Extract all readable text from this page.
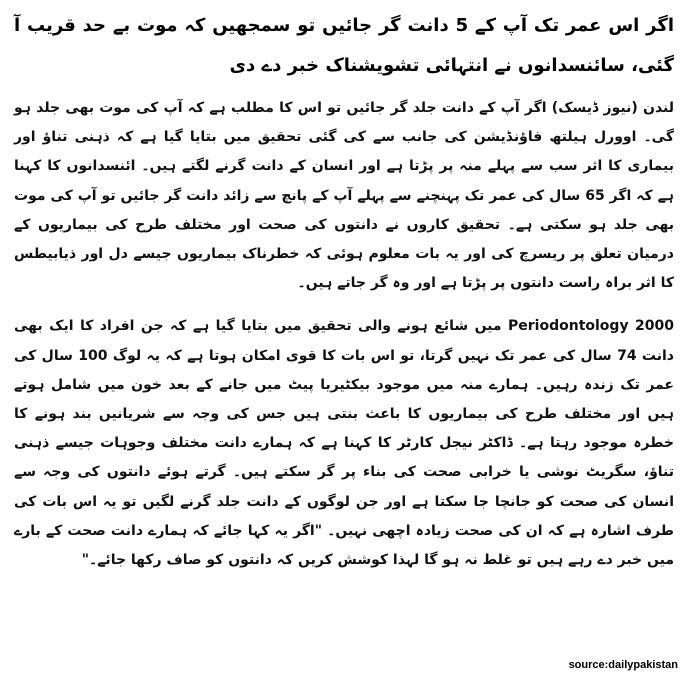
اگر اس عمر تک آپ کے 5 دانت گر جائیں تو سمجھیں کہ موت بے حد قریب آ گئی، سائنسدانوں نے انتہائی تشویشناک خبر دے دی

لندن (نیوز ڈیسک) اگر آپ کے دانت جلد گر جائیں تو اس کا مطلب ہے کہ آپ کی موت بھی جلد ہو گی۔ اوورل ہیلتھ فاؤنڈیشن کی جانب سے کی گئی تحقیق میں بتایا گیا ہے کہ ذہنی تناؤ اور بیماری کا اثر سب سے پہلے منہ پر پڑتا ہے اور انسان کے دانت گرنے لگتے ہیں۔ ائنسدانوں کا کہنا ہے کہ اگر 65 سال کی عمر تک پہنچنے سے پہلے آپ کے پانچ سے زائد دانت گر جائیں تو آپ کی موت بھی جلد ہو سکتی ہے۔ تحقیق کاروں نے دانتوں کی صحت اور مختلف طرح کی بیماریوں کے درمیان تعلق پر ریسرچ کی اور یہ بات معلوم ہوئی کہ خطرناک بیماریوں جیسے دل اور ذیابیطس کا اثر براہ راست دانتوں پر پڑتا ہے اور وہ گر جاتے ہیں۔

Periodontology 2000 میں شائع ہونے والی تحقیق میں بتایا گیا ہے کہ جن افراد کا ایک بھی دانت 74 سال کی عمر تک نہیں گرتا، تو اس بات کا قوی امکان ہوتا ہے کہ یہ لوگ 100 سال کی عمر تک زندہ رہیں۔ ہمارے منہ میں موجود بیکٹیریا پیٹ میں جانے کے بعد خون میں شامل ہوتے ہیں اور مختلف طرح کی بیماریوں کا باعث بنتی ہیں جس کی وجہ سے شریانیں بند ہونے کا خطرہ موجود رہتا ہے۔ ڈاکٹر نیجل کارٹر کا کہنا ہے کہ ہمارے دانت مختلف وجوہات جیسے ذہنی تناؤ، سگریٹ نوشی یا خرابی صحت کی بناء پر گر سکتے ہیں۔ گرتے ہوئے دانتوں کی وجہ سے انسان کی صحت کو جانچا جا سکتا ہے اور جن لوگوں کے دانت جلد گرنے لگیں تو یہ اس بات کی طرف اشارہ ہے کہ ان کی صحت زیادہ اچھی نہیں۔ "اگر یہ کہا جائے کہ ہمارے دانت صحت کے بارے میں خبر دے رہے ہیں تو غلط نہ ہو گا لہذا کوشش کریں کہ دانتوں کو صاف رکھا جائے۔"

source:dailypakistan
